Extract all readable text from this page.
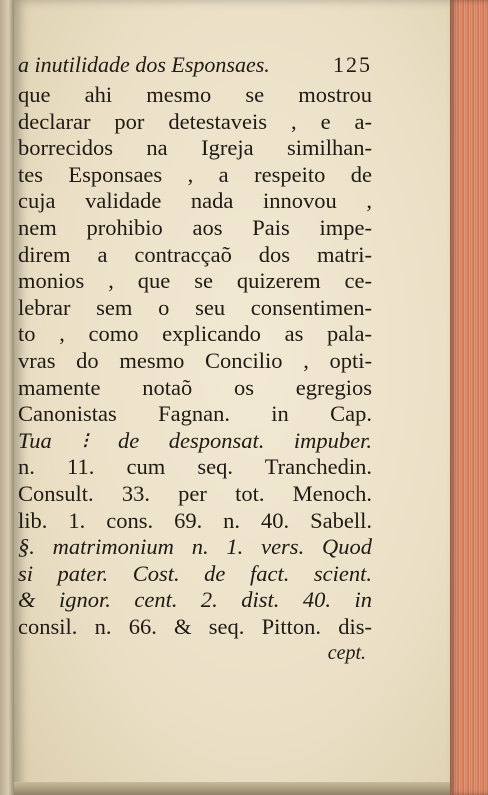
a inutilidade dos Esponsaes.	125
que ahi mesmo se mostrou
declarar por detestaveis , e a-
borrecidos na Igreja similhan-
tes Esponsaes , a respeito de
cuja validade nada innovou ,
nem prohibio aos Pais impe-
direm a contracçaõ dos matri-
monios , que se quizerem ce-
lebrar sem o seu consentimen-
to , como explicando as pala-
vras do mesmo Concilio , opti-
mamente notaõ os egregios
Canonistas Fagnan. in Cap.
Tua ⁝ de desponsat. impuber.
n. 11. cum seq. Tranchedin.
Consult. 33. per tot. Menoch.
lib. 1. cons. 69. n. 40. Sabell.
§. matrimonium n. 1. vers. Quod
si pater. Cost. de fact. scient.
& ignor. cent. 2. dist. 40. in
consil. n. 66. & seq. Pitton. dis-
cept.
